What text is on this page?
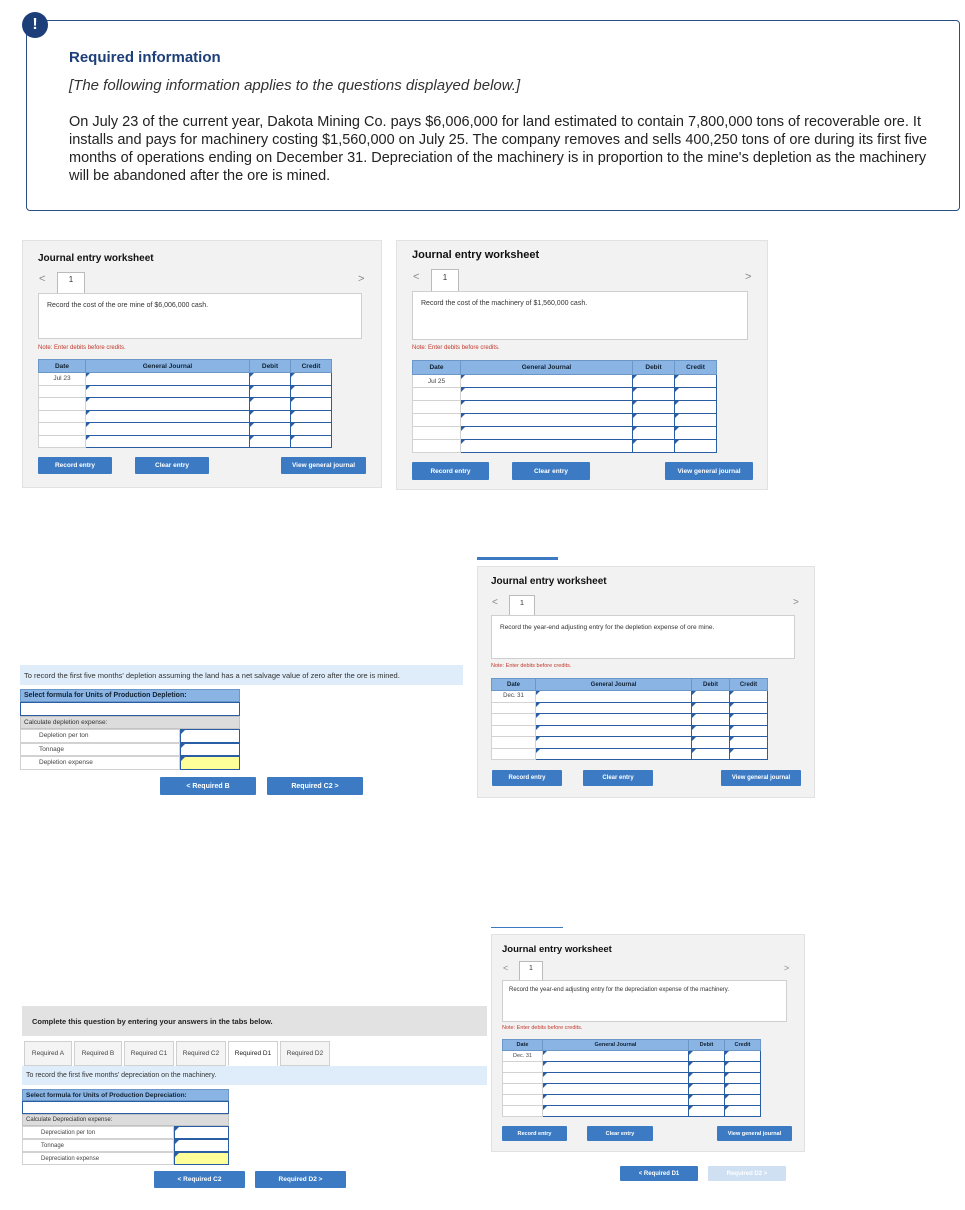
!
Required information
[The following information applies to the questions displayed below.]
On July 23 of the current year, Dakota Mining Co. pays $6,006,000 for land estimated to contain 7,800,000 tons of recoverable ore. It installs and pays for machinery costing $1,560,000 on July 25. The company removes and sells 400,250 tons of ore during its first five months of operations ending on December 31. Depreciation of the machinery is in proportion to the mine's depletion as the machinery will be abandoned after the ore is mined.
Journal entry worksheet
<	1	>
Record the cost of the ore mine of $6,006,000 cash.
Note: Enter debits before credits.
Date	General Journal	Debit	Credit
Jul 23			

Record entry	Clear entry	View general journal
Journal entry worksheet
<	1	>
Record the cost of the machinery of $1,560,000 cash.
Note: Enter debits before credits.
Date	General Journal	Debit	Credit
Jul 25			

Record entry	Clear entry	View general journal
Journal entry worksheet
<	1	>
Record the year-end adjusting entry for the depletion expense of ore mine.
Note: Enter debits before credits.
Date	General Journal	Debit	Credit
Dec. 31			

Record entry	Clear entry	View general journal
To record the first five months' depletion assuming the land has a net salvage value of zero after the ore is mined.
Select formula for Units of Production Depletion:
Calculate depletion expense:
Depletion per ton
Tonnage
Depletion expense
< Required B	Required C2 >
Journal entry worksheet
<	1	>
Record the year-end adjusting entry for the depreciation expense of the machinery.
Note: Enter debits before credits.
Date	General Journal	Debit	Credit
Dec. 31			

Record entry	Clear entry	View general journal
< Required D1	Required D2 >
Complete this question by entering your answers in the tabs below.
Required A	Required B	Required C1	Required C2	Required D1	Required D2
To record the first five months' depreciation on the machinery.
Select formula for Units of Production Depreciation:
Calculate Depreciation expense:
Depreciation per ton
Tonnage
Depreciation expense
< Required C2	Required D2 >
